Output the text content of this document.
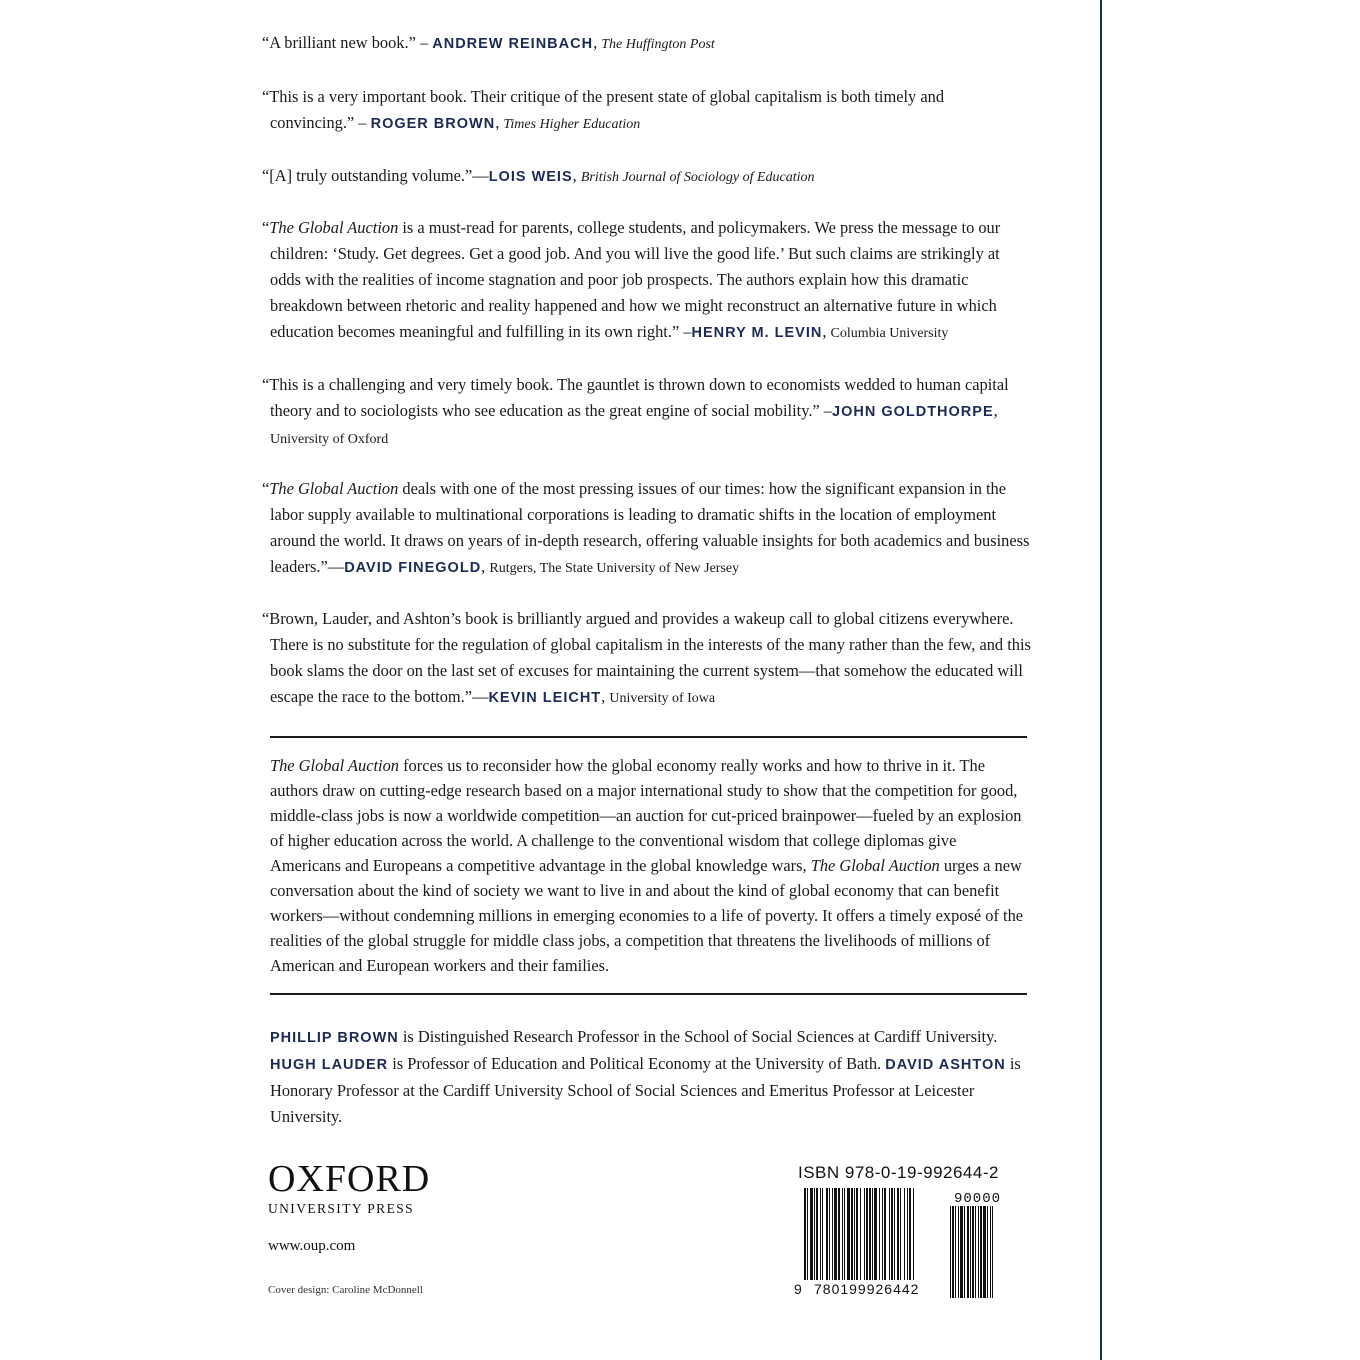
“A brilliant new book.” – ANDREW REINBACH, The Huffington Post

“This is a very important book. Their critique of the present state of global capitalism is both timely and convincing.” – ROGER BROWN, Times Higher Education

“[A] truly outstanding volume.”—LOIS WEIS, British Journal of Sociology of Education

“The Global Auction is a must-read for parents, college students, and policymakers. We press the message to our children: ‘Study. Get degrees. Get a good job. And you will live the good life.’ But such claims are strikingly at odds with the realities of income stagnation and poor job prospects. The authors explain how this dramatic breakdown between rhetoric and reality happened and how we might reconstruct an alternative future in which education becomes meaningful and fulfilling in its own right.” –HENRY M. LEVIN, Columbia University

“This is a challenging and very timely book. The gauntlet is thrown down to economists wedded to human capital theory and to sociologists who see education as the great engine of social mobility.” –JOHN GOLDTHORPE, University of Oxford

“The Global Auction deals with one of the most pressing issues of our times: how the significant expansion in the labor supply available to multinational corporations is leading to dramatic shifts in the location of employment around the world. It draws on years of in-depth research, offering valuable insights for both academics and business leaders.”—DAVID FINEGOLD, Rutgers, The State University of New Jersey

“Brown, Lauder, and Ashton’s book is brilliantly argued and provides a wakeup call to global citizens everywhere. There is no substitute for the regulation of global capitalism in the interests of the many rather than the few, and this book slams the door on the last set of excuses for maintaining the current system—that somehow the educated will escape the race to the bottom.”—KEVIN LEICHT, University of Iowa

The Global Auction forces us to reconsider how the global economy really works and how to thrive in it. The authors draw on cutting-edge research based on a major international study to show that the competition for good, middle-class jobs is now a worldwide competition—an auction for cut-priced brainpower—fueled by an explosion of higher education across the world. A challenge to the conventional wisdom that college diplomas give Americans and Europeans a competitive advantage in the global knowledge wars, The Global Auction urges a new conversation about the kind of society we want to live in and about the kind of global economy that can benefit workers—without condemning millions in emerging economies to a life of poverty. It offers a timely exposé of the realities of the global struggle for middle class jobs, a competition that threatens the livelihoods of millions of American and European workers and their families.

PHILLIP BROWN is Distinguished Research Professor in the School of Social Sciences at Cardiff University. HUGH LAUDER is Professor of Education and Political Economy at the University of Bath. DAVID ASHTON is Honorary Professor at the Cardiff University School of Social Sciences and Emeritus Professor at Leicester University.

OXFORD
UNIVERSITY PRESS
www.oup.com
Cover design: Caroline McDonnell
ISBN 978-0-19-992644-2
90000
9 780199926442
